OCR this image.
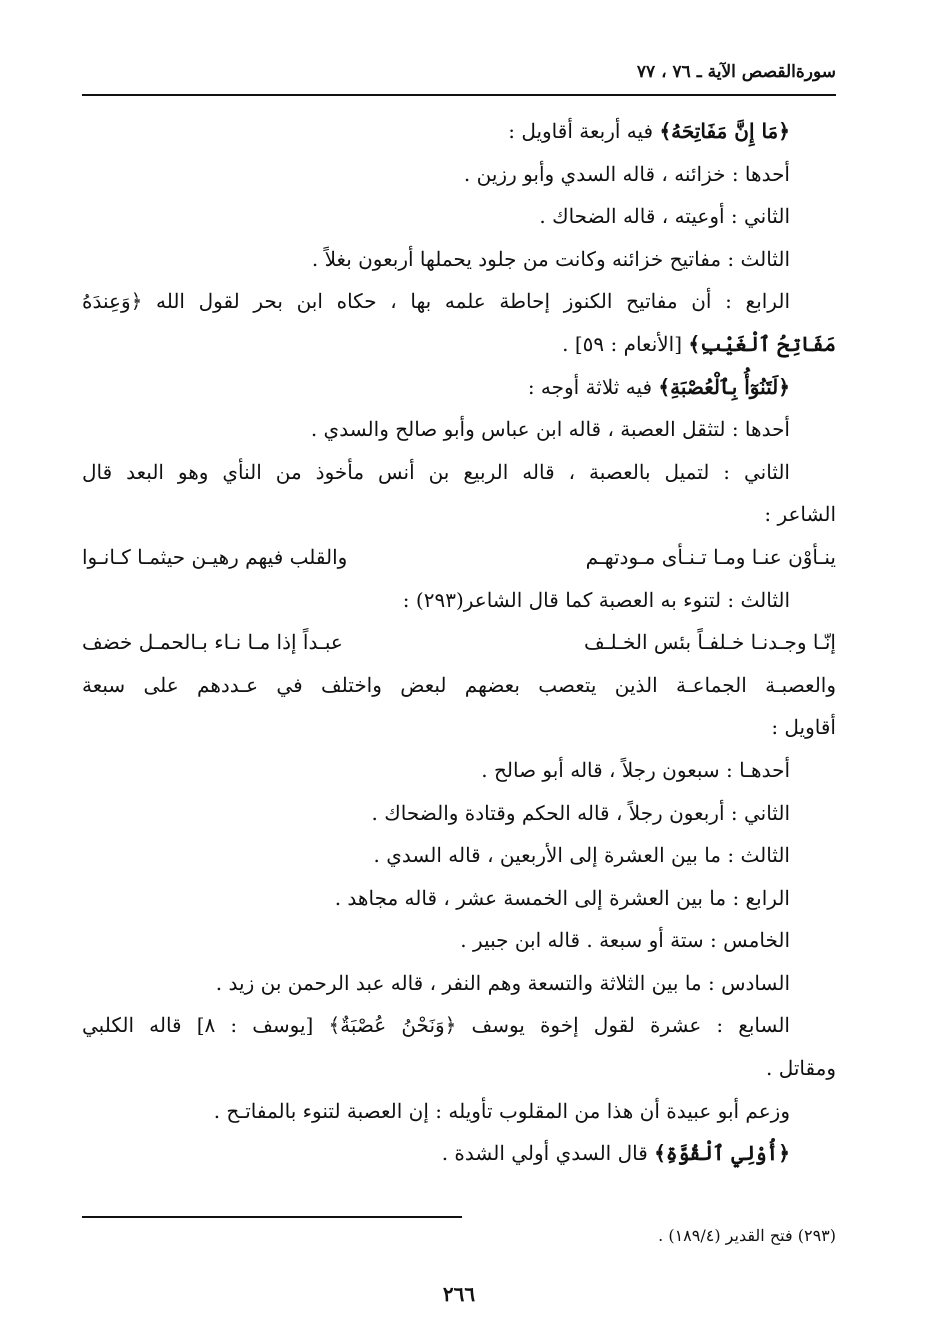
سورةالقصص الآية ـ ٧٦ ، ٧٧
﴿مَا إِنَّ مَفَاتِحَهُ﴾ فيه أربعة أقاويل :
أحدها : خزائنه ، قاله السدي وأبو رزين .
الثاني : أوعيته ، قاله الضحاك .
الثالث : مفاتيح خزائنه وكانت من جلود يحملها أربعون بغلاً .
الرابع : أن مفاتيح الكنوز إحاطة علمه بها ، حكاه ابن بحر لقول الله ﴿وَعِندَهُ
مَفَاتِحُ ٱلْغَيْبِ﴾ [الأنعام : ٥٩] .
﴿لَتَنُوٓأُ بِٱلْعُصْبَةِ﴾ فيه ثلاثة أوجه :
أحدها : لتثقل العصبة ، قاله ابن عباس وأبو صالح والسدي .
الثاني : لتميل بالعصبة ، قاله الربيع بن أنس مأخوذ من النأي وهو البعد قال
الشاعر :
ينـأوْن عنـا ومـا تـنـأى مـودتهـم
والقلب فيهم رهيـن حيثمـا كـانـوا
الثالث : لتنوء به العصبة كما قال الشاعر(٢٩٣) :
إنّـا وجـدنـا خـلفـاً بئس الخـلـف
عبـداً إذا مـا نـاء بـالحمـل خضف
والعصبـة الجماعـة الذين يتعصب بعضهم لبعض واختلف في عـددهم على سبعة
أقاويل :
أحدهـا : سبعون رجلاً ، قاله أبو صالح .
الثاني : أربعون رجلاً ، قاله الحكم وقتادة والضحاك .
الثالث : ما بين العشرة إلى الأربعين ، قاله السدي .
الرابع : ما بين العشرة إلى الخمسة عشر ، قاله مجاهد .
الخامس : ستة أو سبعة . قاله ابن جبير .
السادس : ما بين الثلاثة والتسعة وهم النفر ، قاله عبد الرحمن بن زيد .
السابع : عشرة لقول إخوة يوسف ﴿وَنَحْنُ عُصْبَةٌ﴾ [يوسف : ٨] قاله الكلبي
ومقاتل .
وزعم أبو عبيدة أن هذا من المقلوب تأويله : إن العصبة لتنوء بالمفاتـح .
﴿أُوْلِي ٱلْقُوَّةِ﴾ قال السدي أولي الشدة .
(٢٩٣) فتح القدير (١٨٩/٤) .
٢٦٦
